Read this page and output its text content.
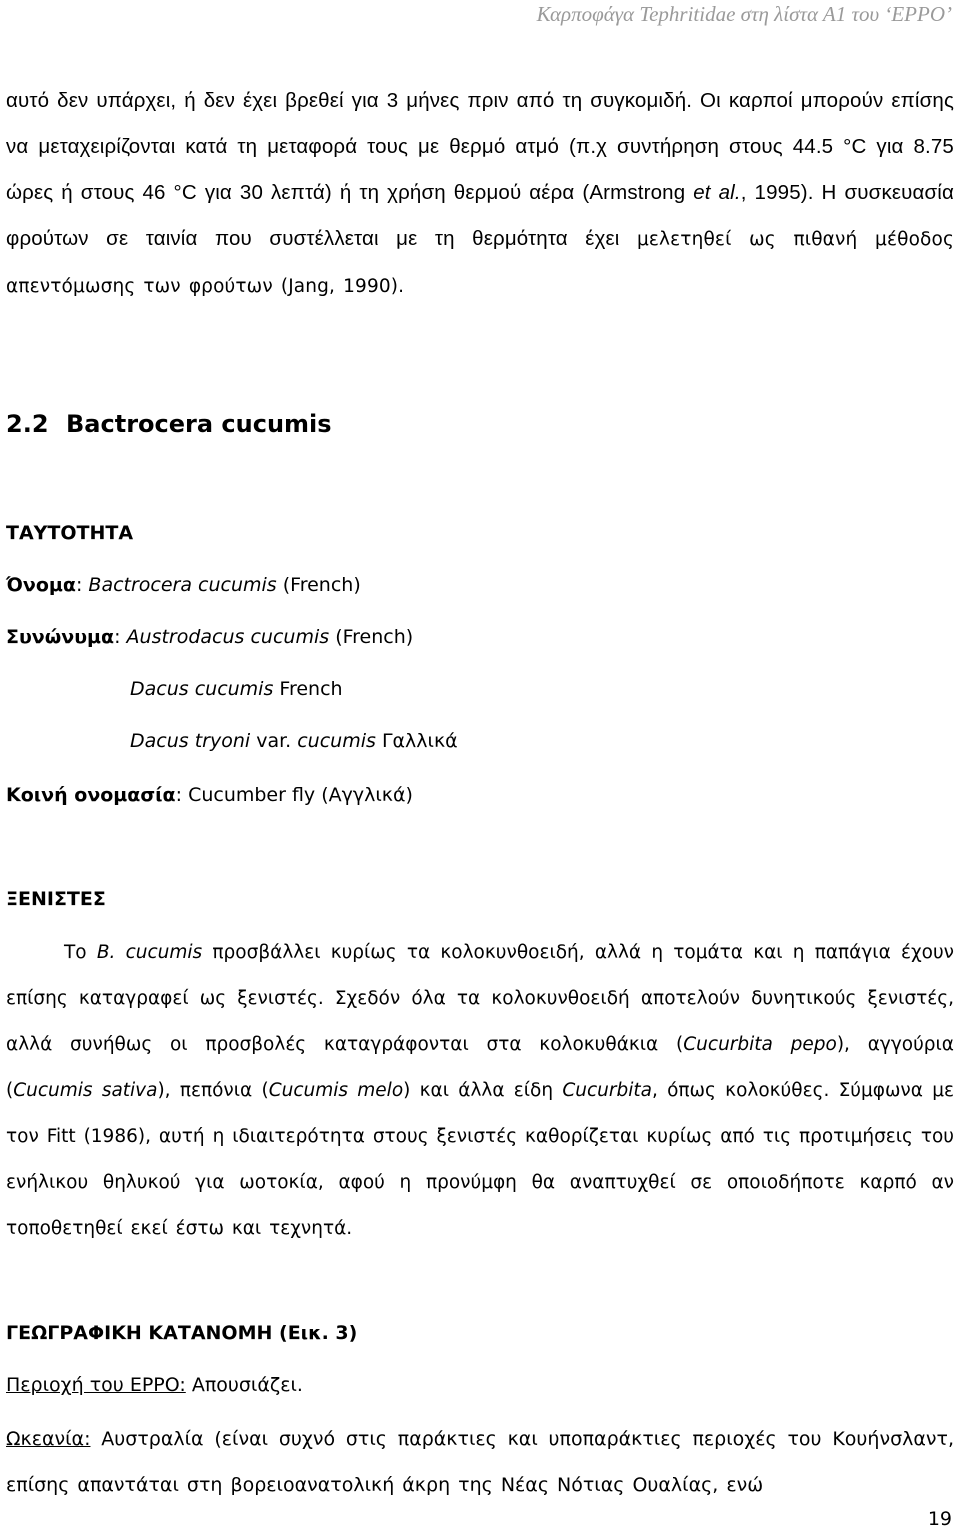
Καρποφάγα Tephritidae στη λίστα Α1 του ‘EPPO’
αυτό δεν υπάρχει, ή δεν έχει βρεθεί για 3 μήνες πριν από τη συγκομιδή. Οι καρποί μπορούν επίσης να μεταχειρίζονται κατά τη μεταφορά τους με θερμό ατμό (π.χ συντήρηση στους 44.5 °C για 8.75 ώρες ή στους 46 °C για 30 λεπτά) ή τη χρήση θερμού αέρα (Armstrong et al., 1995). Η συσκευασία φρούτων σε ταινία που συστέλλεται με τη θερμότητα έχει μελετηθεί ως πιθανή μέθοδος απεντόμωσης των φρούτων (Jang, 1990).
2.2 Bactrocera cucumis
ΤΑΥΤΟΤΗΤΑ
Όνομα: Bactrocera cucumis (French)
Συνώνυμα: Austrodacus cucumis (French)
Dacus cucumis French
Dacus tryoni var. cucumis Γαλλικά
Κοινή ονομασία: Cucumber fly (Αγγλικά)
ΞΕΝΙΣΤΕΣ
Το B. cucumis προσβάλλει κυρίως τα κολοκυνθοειδή, αλλά η τομάτα και η παπάγια έχουν επίσης καταγραφεί ως ξενιστές. Σχεδόν όλα τα κολοκυνθοειδή αποτελούν δυνητικούς ξενιστές, αλλά συνήθως οι προσβολές καταγράφονται στα κολοκυθάκια (Cucurbita pepo), αγγούρια (Cucumis sativa), πεπόνια (Cucumis melo) και άλλα είδη Cucurbita, όπως κολοκύθες. Σύμφωνα με τον Fitt (1986), αυτή η ιδιαιτερότητα στους ξενιστές καθορίζεται κυρίως από τις προτιμήσεις του ενήλικου θηλυκού για ωοτοκία, αφού η προνύμφη θα αναπτυχθεί σε οποιοδήποτε καρπό αν τοποθετηθεί εκεί έστω και τεχνητά.
ΓΕΩΓΡΑΦΙΚΗ ΚΑΤΑΝΟΜΗ (Εικ. 3)
Περιοχή του EPPO: Απουσιάζει.
Ωκεανία: Αυστραλία (είναι συχνό στις παράκτιες και υποπαράκτιες περιοχές του Κουήνσλαντ, επίσης απαντάται στη βορειοανατολική άκρη της Νέας Νότιας Ουαλίας, ενώ
19
